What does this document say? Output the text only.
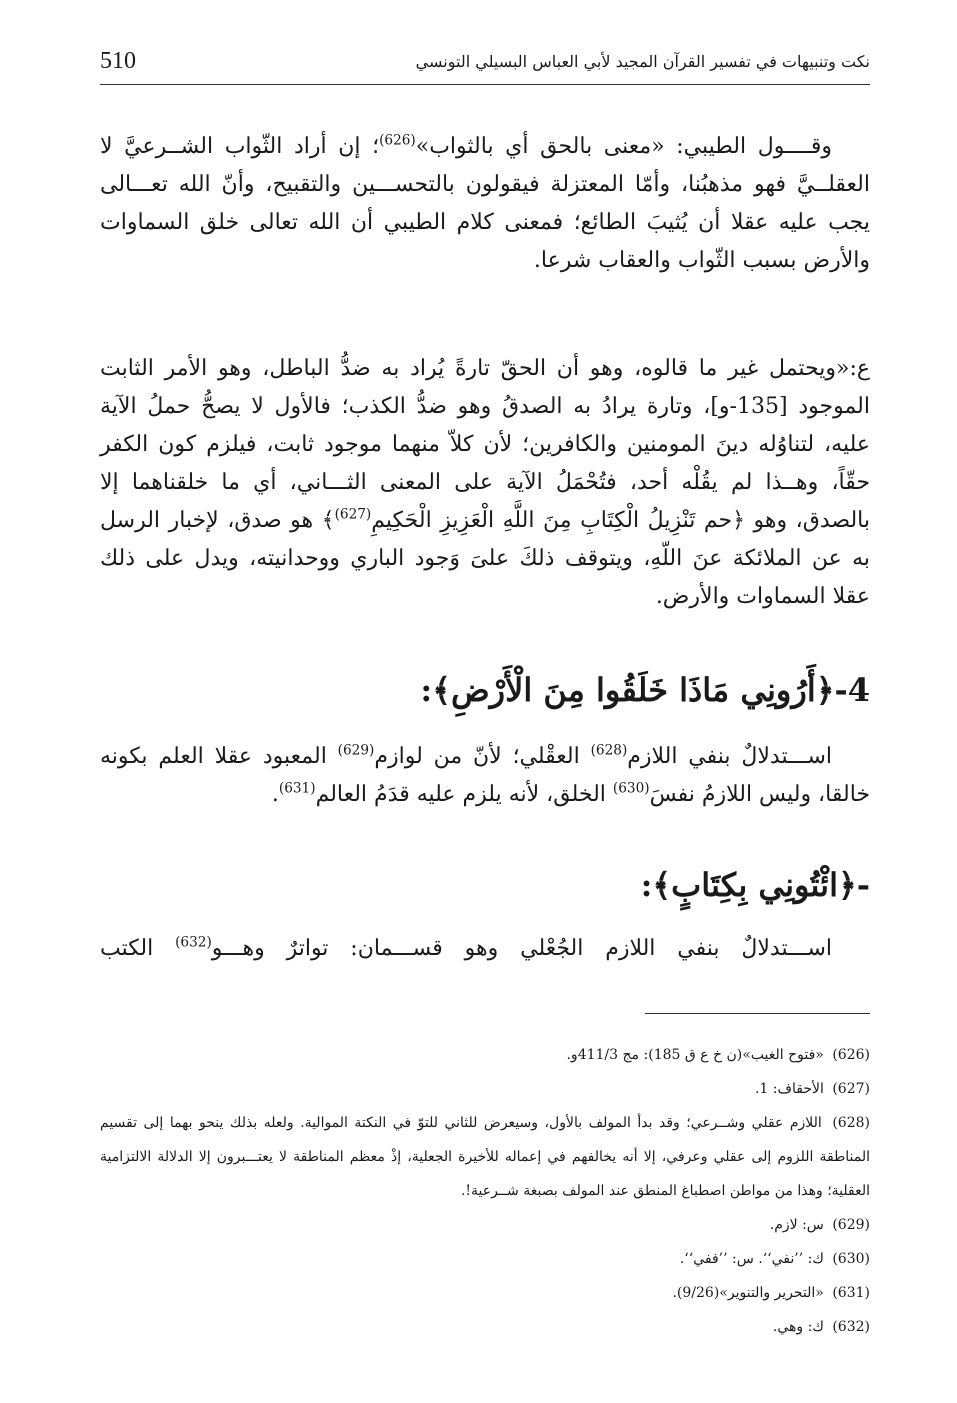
510	نكت وتنبيهات في تفسير القرآن المجيد لأبي العباس البسيلي التونسي

وقــــول الطيبي: «معنى بالحق أي بالثواب»$^{(626)}$؛ إن أراد الثّواب الشــرعيَّ لا العقلــيَّ فهو مذهبُنا، وأمّا المعتزلة فيقولون بالتحســـين والتقبيح، وأنّ الله تعـــالى يجب عليه عقلا أن يُثيبَ الطائع؛ فمعنى كلام الطيبي أن الله تعالى خلق السماوات والأرض بسبب الثّواب والعقاب شرعا.

ع:«ويحتمل غير ما قالوه، وهو أن الحقّ تارةً يُراد به ضدُّ الباطل، وهو الأمر الثابت الموجود [135-و]، وتارة يرادُ به الصدقُ وهو ضدُّ الكذب؛ فالأول لا يصحُّ حملُ الآية عليه، لتناوُله دينَ المومنين والكافرين؛ لأن كلاّ منهما موجود ثابت، فيلزم كون الكفر حقّاً، وهــذا لم يقُلْه أحد، فتُحْمَلُ الآية على المعنى الثـــاني، أي ما خلقناهما إلا بالصدق، وهو ﴿حم تَنْزِيلُ الْكِتَابِ مِنَ اللَّهِ الْعَزِيزِ الْحَكِيمِ$^{(627)}$﴾ هو صدق، لإخبار الرسل به عن الملائكة عنَ اللّهِ، ويتوقف ذلكَ علىَ وَجود الباري ووحدانيته، ويدل على ذلك عقلا السماوات والأرض.

4-﴿أَرُونِي مَاذَا خَلَقُوا مِنَ الْأَرْضِ﴾:

اســـتدلالٌ بنفي اللازم$^{(628)}$ العقْلي؛ لأنّ من لوازم$^{(629)}$ المعبود عقلا العلم بكونه خالقا، وليس اللازمُ نفسَ$^{(630)}$ الخلق، لأنه يلزم عليه قدَمُ العالم$^{(631)}$.

-﴿ائْتُونِي بِكِتَابٍ﴾:

اســـتدلالٌ بنفي اللازم الجُعْلي وهو قســـمان: تواترٌ وهـــو$^{(632)}$ الكتب

(626) «فتوح الغيب»(ن خ ع ق 185): مج 411/3و.

(627) الأحقاف: 1.

(628) اللازم عقلي وشــرعي؛ وقد بدأ المولف بالأول، وسيعرض للثاني للتوّ في النكتة الموالية. ولعله بذلك ينحو بهما إلى تقسيم المناطقة اللزوم إلى عقلي وعرفي، إلا أنه يخالفهم في إعماله للأخيرة الجعلية، إذْ معظم المناطقة لا يعتـــبرون إلا الدلالة الالتزامية العقلية؛ وهذا من مواطن اصطباغ المنطق عند المولف بصبغة شــرعية!.

(629) س: لازم.

(630) ك: ’’نفي‘‘. س: ’’ففي‘‘.

(631) «التحرير والتنوير»(9/26).

(632) ك: وهي.
